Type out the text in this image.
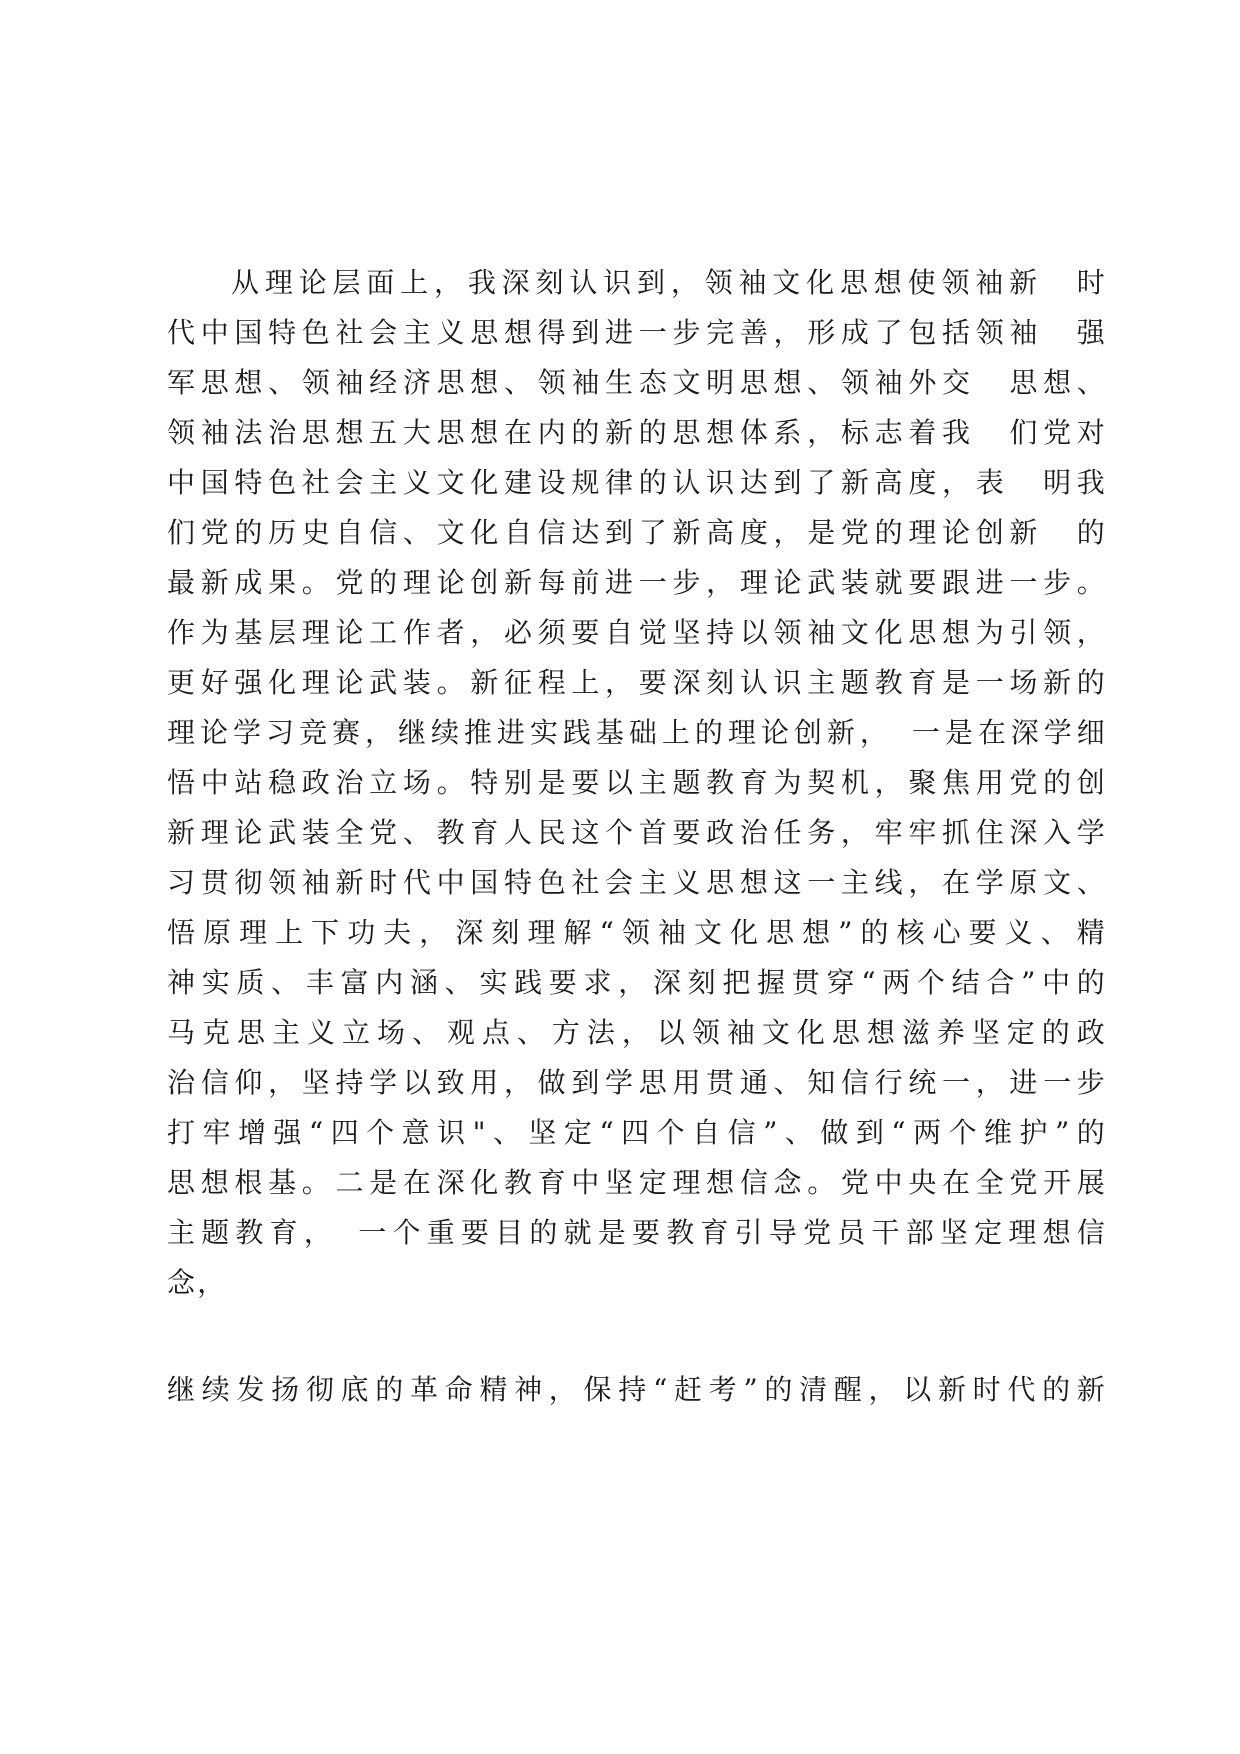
从理论层面上，我深刻认识到，领袖文化思想使领袖新　时
代中国特色社会主义思想得到进一步完善，形成了包括领袖　强
军思想、领袖经济思想、领袖生态文明思想、领袖外交　思想、
领袖法治思想五大思想在内的新的思想体系，标志着我　们党对
中国特色社会主义文化建设规律的认识达到了新高度，表　明我
们党的历史自信、文化自信达到了新高度，是党的理论创新　的
最新成果。党的理论创新每前进一步，理论武装就要跟进一步。
作为基层理论工作者，必须要自觉坚持以领袖文化思想为引领，
更好强化理论武装。新征程上，要深刻认识主题教育是一场新的
理论学习竞赛，继续推进实践基础上的理论创新，　一是在深学细
悟中站稳政治立场。特别是要以主题教育为契机，聚焦用党的创
新理论武装全党、教育人民这个首要政治任务，牢牢抓住深入学
习贯彻领袖新时代中国特色社会主义思想这一主线，在学原文、
悟原理上下功夫，深刻理解“领袖文化思想”的核心要义、精
神实质、丰富内涵、实践要求，深刻把握贯穿“两个结合”中的
马克思主义立场、观点、方法，以领袖文化思想滋养坚定的政
治信仰，坚持学以致用，做到学思用贯通、知信行统一，进一步
打牢增强“四个意识"、坚定“四个自信”、做到“两个维护”的
思想根基。二是在深化教育中坚定理想信念。党中央在全党开展
主题教育，　一个重要目的就是要教育引导党员干部坚定理想信
念，
继续发扬彻底的革命精神，保持“赶考”的清醒，以新时代的新
